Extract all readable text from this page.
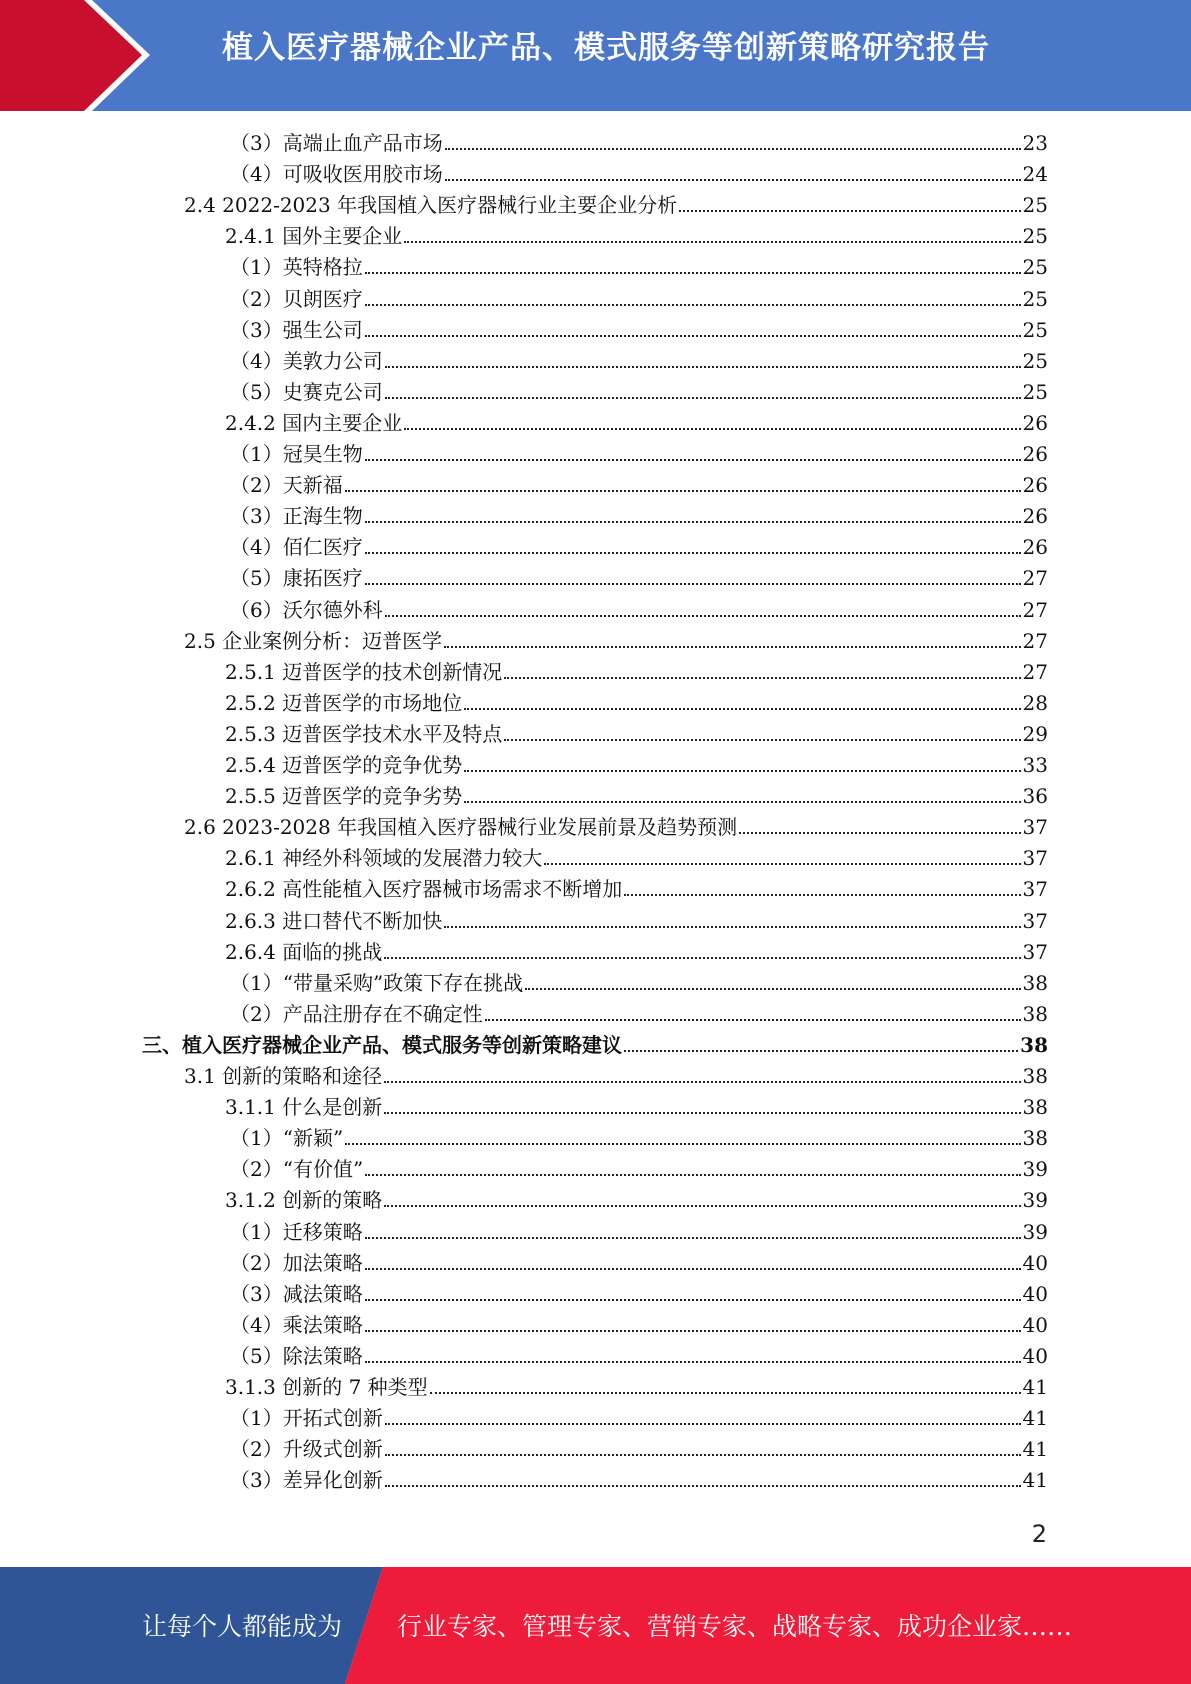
植入医疗器械企业产品、模式服务等创新策略研究报告
（3）高端止血产品市场	23
（4）可吸收医用胶市场	24
2.4 2022-2023 年我国植入医疗器械行业主要企业分析	25
2.4.1 国外主要企业	25
（1）英特格拉	25
（2）贝朗医疗	25
（3）强生公司	25
（4）美敦力公司	25
（5）史赛克公司	25
2.4.2 国内主要企业	26
（1）冠昊生物	26
（2）天新福	26
（3）正海生物	26
（4）佰仁医疗	26
（5）康拓医疗	27
（6）沃尔德外科	27
2.5 企业案例分析：迈普医学	27
2.5.1 迈普医学的技术创新情况	27
2.5.2 迈普医学的市场地位	28
2.5.3 迈普医学技术水平及特点	29
2.5.4 迈普医学的竞争优势	33
2.5.5 迈普医学的竞争劣势	36
2.6 2023-2028 年我国植入医疗器械行业发展前景及趋势预测	37
2.6.1 神经外科领域的发展潜力较大	37
2.6.2 高性能植入医疗器械市场需求不断增加	37
2.6.3 进口替代不断加快	37
2.6.4 面临的挑战	37
（1）“带量采购”政策下存在挑战	38
（2）产品注册存在不确定性	38
三、植入医疗器械企业产品、模式服务等创新策略建议	38
3.1 创新的策略和途径	38
3.1.1 什么是创新	38
（1）“新颖”	38
（2）“有价值”	39
3.1.2 创新的策略	39
（1）迁移策略	39
（2）加法策略	40
（3）减法策略	40
（4）乘法策略	40
（5）除法策略	40
3.1.3 创新的 7 种类型	41
（1）开拓式创新	41
（2）升级式创新	41
（3）差异化创新	41
2
让每个人都能成为 行业专家、管理专家、营销专家、战略专家、成功企业家……
